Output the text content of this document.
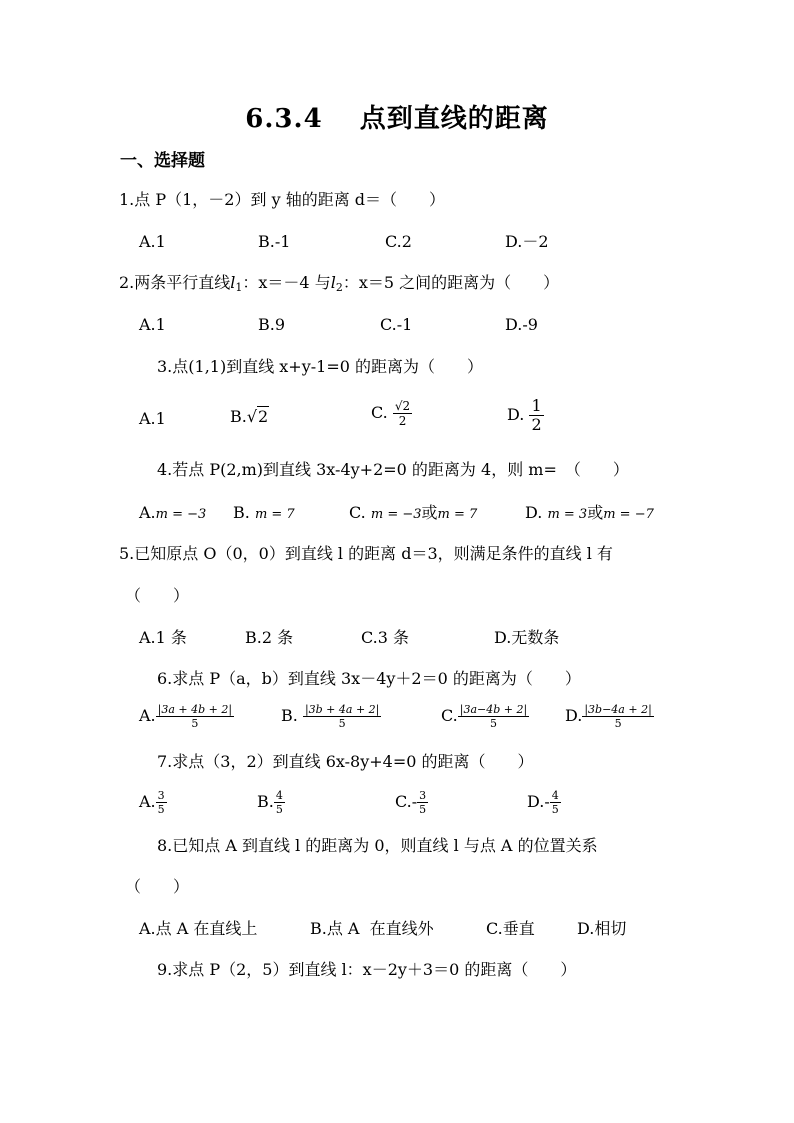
6.3.4　 点到直线的距离
一、选择题
1.点 P（1，－2）到 y 轴的距离 d＝（　　）
A.1	B.-1	C.2	D.－2
2.两条平行直线$l_1$：x＝－4 与$l_2$：x＝5 之间的距离为（　　）
A.1	B.9	C.-1	D.-9
3.点(1,1)到直线 x+y-1=0 的距离为（　　）
A.1	B.√2	C. $\frac{√2}{2}$	D. $\frac{1}{2}$
4.若点 P(2,m)到直线 3x-4y+2=0 的距离为 4，则 m=　（　　）
A.m = −3 B. m = 7	C. m = −3或m = 7	D. m = 3或m = −7
5.已知原点 O（0，0）到直线 l 的距离 d＝3，则满足条件的直线 l 有
（　　）
A.1 条	B.2 条	C.3 条	D.无数条
6.求点 P（a，b）到直线 3x－4y＋2＝0 的距离为（　　）
A. $\frac{|3a + 4b + 2|}{5}$	B. $\frac{|3b + 4a + 2|}{5}$	C. $\frac{|3a-4b + 2|}{5} D$. $\frac{|3b-4a + 2|}{5}$
7.求点（3，2）到直线 6x-8y+4=0 的距离（　　）
A. $\frac{3}{5}$	B. $\frac{4}{5}$	$C.- \frac{3}{5}$	$D.- \frac{4}{5}$
8.已知点 A 到直线 l 的距离为 0，则直线 l 与点 A 的位置关系
（　　）
A.点 A 在直线上	B.点 A  在直线外	C.垂直	D.相切
9.求点 P（2，5）到直线 l：x－2y＋3＝0 的距离（　　）
